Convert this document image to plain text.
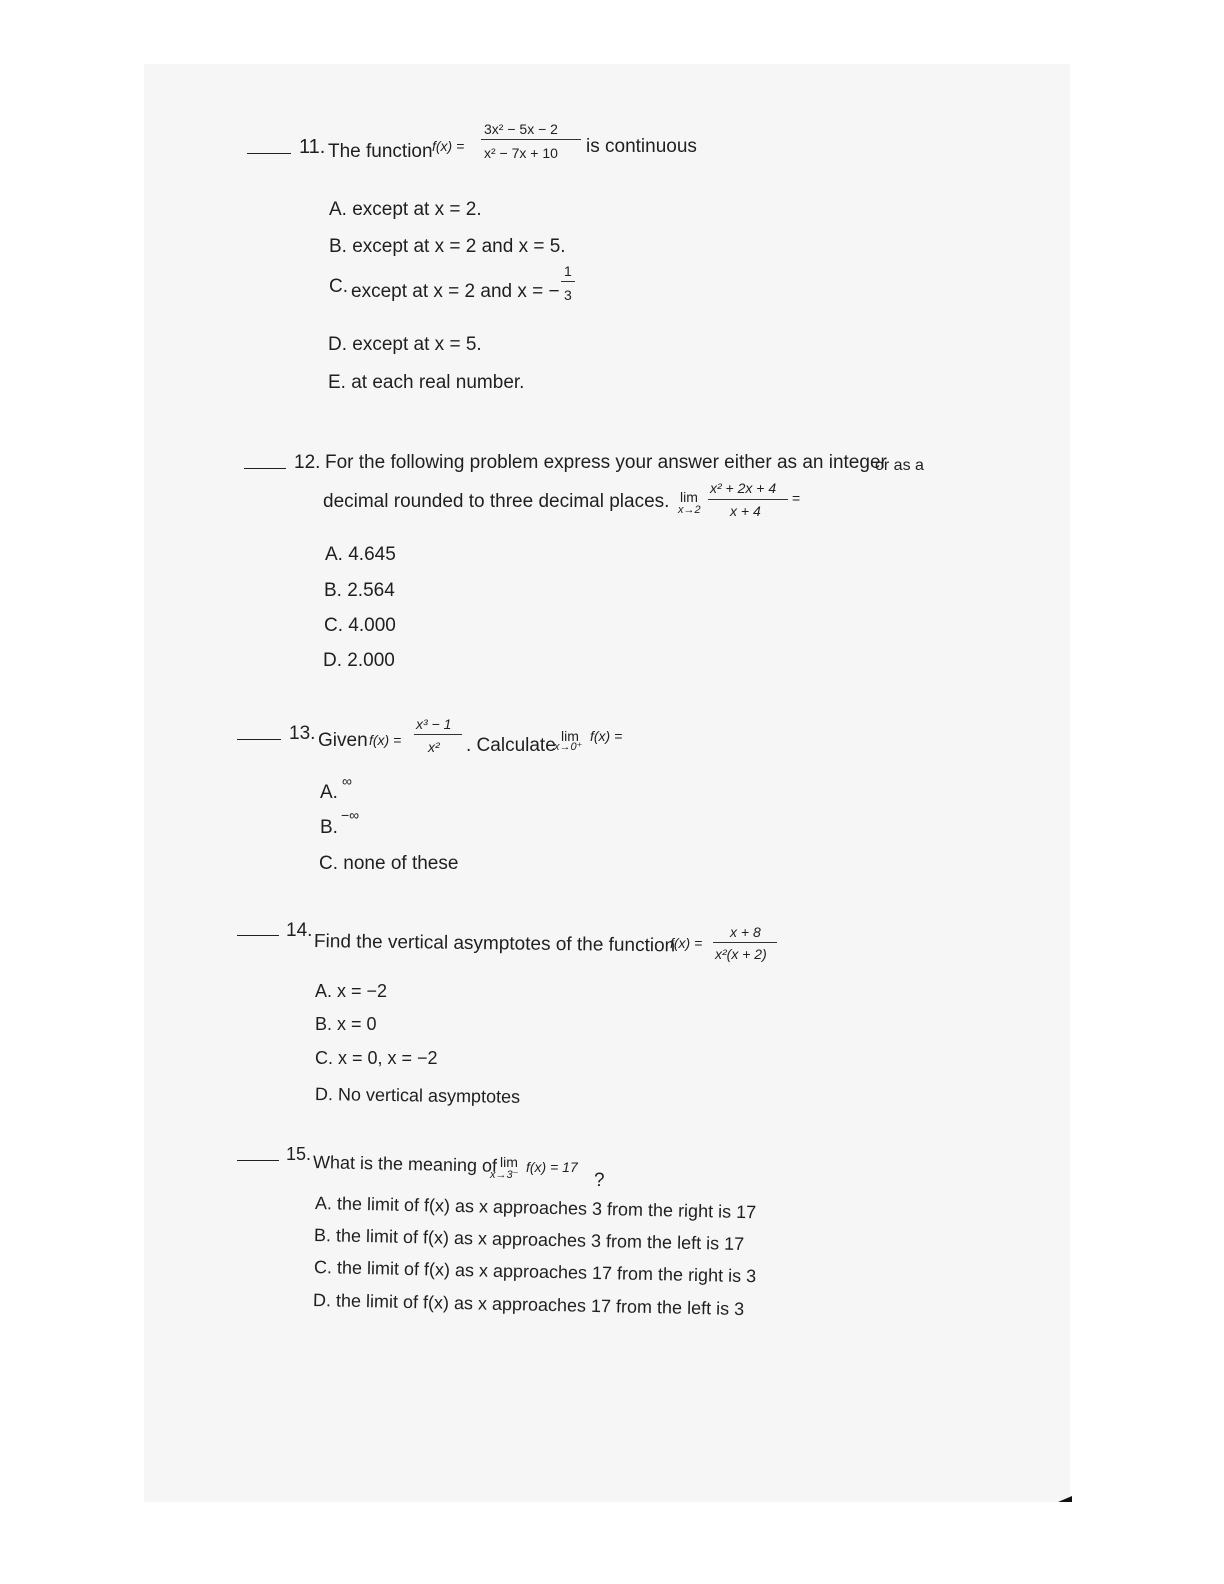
11. The function f(x) =
3x² − 5x − 2
x² − 7x + 10 is continuous
A. except at x = 2.
B. except at x = 2 and x = 5.
C. except at x = 2 and x = −
1
3
D. except at x = 5.
E. at each real number.
12. For the following problem express your answer either as an integer
or as a
decimal rounded to three decimal places. lim
x→2
x² + 2x + 4
x + 4
=
A. 4.645
B. 2.564
C. 4.000
D. 2.000
13. Given f(x) =
x³ − 1
x² . Calculate lim
x→0⁺
f(x) =
A.
∞
B.
−∞
C. none of these
14.
Find the vertical asymptotes of the function
f(x) =
x + 8
x²(x + 2)
A. x = −2
B. x = 0
C. x = 0, x = −2
D. No vertical asymptotes
15. What is the meaning of lim
x→3⁻ f(x) = 17
?
A. the limit of f(x) as x approaches 3 from the right is 17
B. the limit of f(x) as x approaches 3 from the left is 17
C. the limit of f(x) as x approaches 17 from the right is 3
D. the limit of f(x) as x approaches 17 from the left is 3
